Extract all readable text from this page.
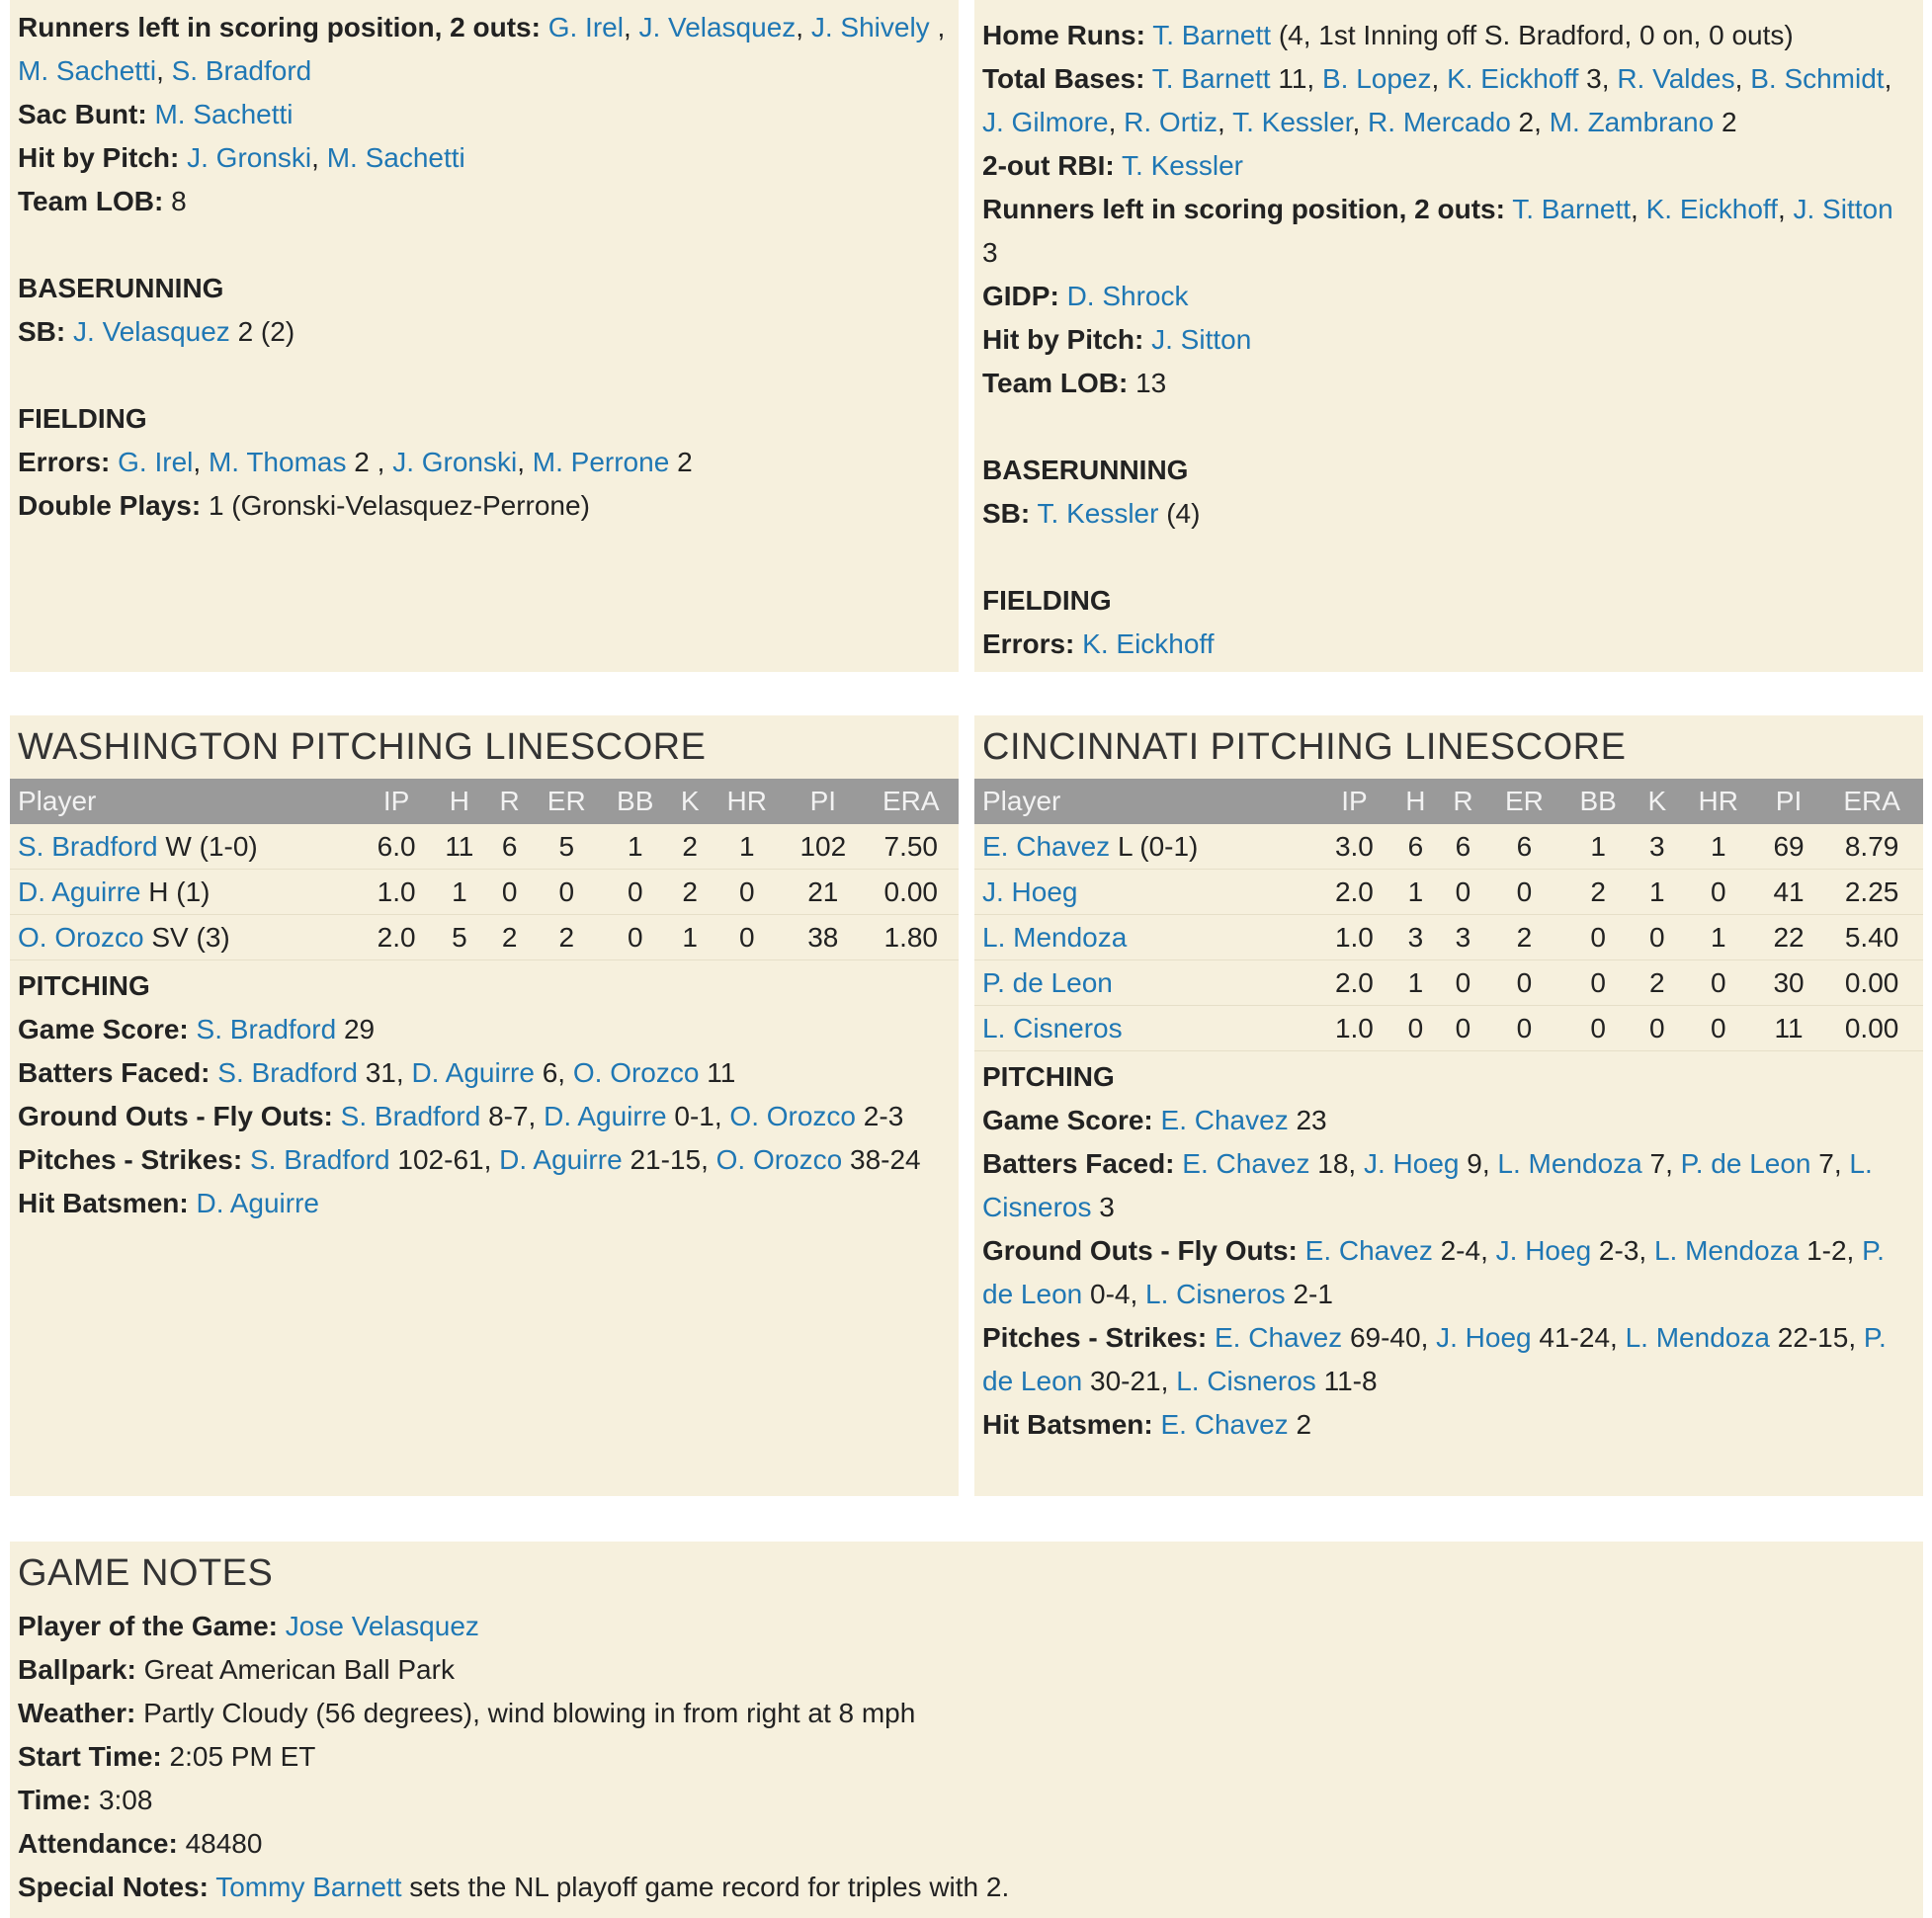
Runners left in scoring position, 2 outs: G. Irel, J. Velasquez, J. Shively , M. Sachetti, S. Bradford
Sac Bunt: M. Sachetti
Hit by Pitch: J. Gronski, M. Sachetti
Team LOB: 8
BASERUNNING
SB: J. Velasquez 2 (2)
FIELDING
Errors: G. Irel, M. Thomas 2 , J. Gronski, M. Perrone 2
Double Plays: 1 (Gronski-Velasquez-Perrone)
Home Runs: T. Barnett (4, 1st Inning off S. Bradford, 0 on, 0 outs)
Total Bases: T. Barnett 11, B. Lopez, K. Eickhoff 3, R. Valdes, B. Schmidt, J. Gilmore, R. Ortiz, T. Kessler, R. Mercado 2, M. Zambrano 2
2-out RBI: T. Kessler
Runners left in scoring position, 2 outs: T. Barnett, K. Eickhoff, J. Sitton 3
GIDP: D. Shrock
Hit by Pitch: J. Sitton
Team LOB: 13
BASERUNNING
SB: T. Kessler (4)
FIELDING
Errors: K. Eickhoff
WASHINGTON PITCHING LINESCORE
Player	IP	H	R	ER	BB	K	HR	PI	ERA
S. Bradford W (1-0)	6.0	11	6	5	1	2	1	102	7.50
D. Aguirre H (1)	1.0	1	0	0	0	2	0	21	0.00
O. Orozco SV (3)	2.0	5	2	2	0	1	0	38	1.80
PITCHING
Game Score: S. Bradford 29
Batters Faced: S. Bradford 31, D. Aguirre 6, O. Orozco 11
Ground Outs - Fly Outs: S. Bradford 8-7, D. Aguirre 0-1, O. Orozco 2-3
Pitches - Strikes: S. Bradford 102-61, D. Aguirre 21-15, O. Orozco 38-24
Hit Batsmen: D. Aguirre
CINCINNATI PITCHING LINESCORE
Player	IP	H	R	ER	BB	K	HR	PI	ERA
E. Chavez L (0-1)	3.0	6	6	6	1	3	1	69	8.79
J. Hoeg	2.0	1	0	0	2	1	0	41	2.25
L. Mendoza	1.0	3	3	2	0	0	1	22	5.40
P. de Leon	2.0	1	0	0	0	2	0	30	0.00
L. Cisneros	1.0	0	0	0	0	0	0	11	0.00
PITCHING
Game Score: E. Chavez 23
Batters Faced: E. Chavez 18, J. Hoeg 9, L. Mendoza 7, P. de Leon 7, L. Cisneros 3
Ground Outs - Fly Outs: E. Chavez 2-4, J. Hoeg 2-3, L. Mendoza 1-2, P. de Leon 0-4, L. Cisneros 2-1
Pitches - Strikes: E. Chavez 69-40, J. Hoeg 41-24, L. Mendoza 22-15, P. de Leon 30-21, L. Cisneros 11-8
Hit Batsmen: E. Chavez 2
GAME NOTES
Player of the Game: Jose Velasquez
Ballpark: Great American Ball Park
Weather: Partly Cloudy (56 degrees), wind blowing in from right at 8 mph
Start Time: 2:05 PM ET
Time: 3:08
Attendance: 48480
Special Notes: Tommy Barnett sets the NL playoff game record for triples with 2.
